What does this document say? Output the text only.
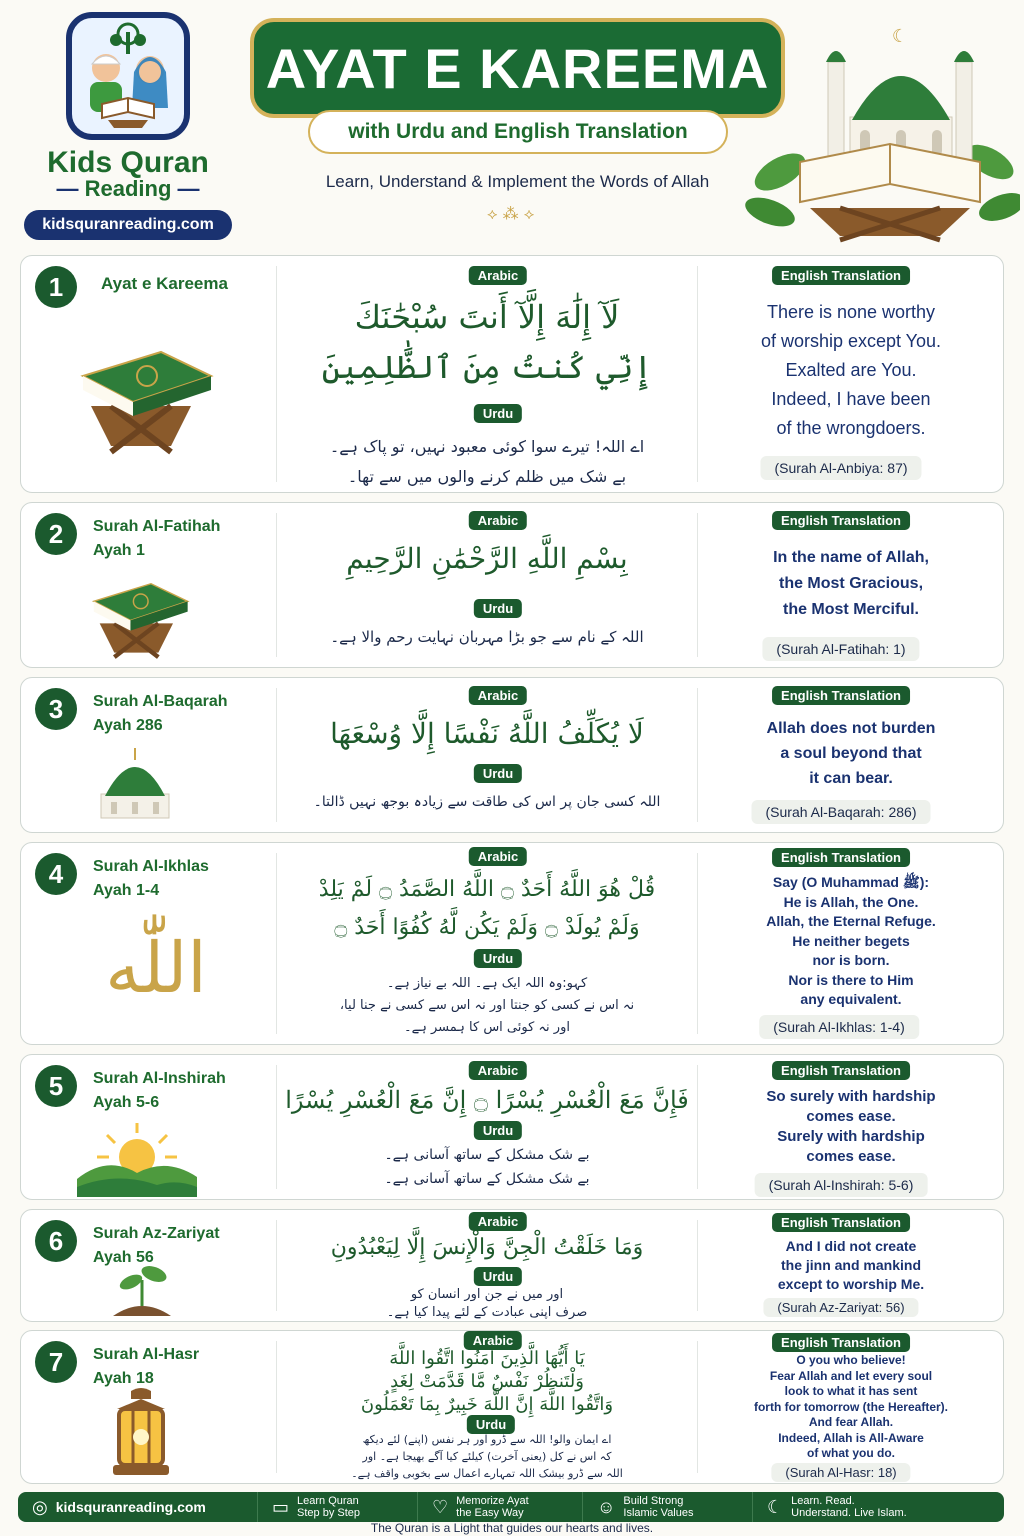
Kids Quran
— Reading —
kidsquranreading.com
AYAT E KAREEMA
with Urdu and English Translation
Learn, Understand & Implement the Words of Allah
⟡ ⁂ ⟡
☾
1	Ayat e Kareema	Arabic
لَآ إِلَٰهَ إِلَّآ أَنتَ سُبْحَٰنَكَ
إِنِّي كُنتُ مِنَ ٱلظَّٰلِمِينَ
Urdu
اے اللہ! تیرے سوا کوئی معبود نہیں، تو پاک ہے۔
بے شک میں ظلم کرنے والوں میں سے تھا۔
English Translation
There is none worthy
of worship except You.
Exalted are You.
Indeed, I have been
of the wrongdoers.
(Surah Al-Anbiya: 87)
2	Surah Al-Fatihah
Ayah 1
Arabic
بِسْمِ اللَّهِ الرَّحْمَٰنِ الرَّحِيمِ
Urdu
اللہ کے نام سے جو بڑا مہربان نہایت رحم والا ہے۔
English Translation
In the name of Allah,
the Most Gracious,
the Most Merciful.
(Surah Al-Fatihah: 1)
3	Surah Al-Baqarah
Ayah 286
Arabic
لَا يُكَلِّفُ اللَّهُ نَفْسًا إِلَّا وُسْعَهَا
Urdu
اللہ کسی جان پر اس کی طاقت سے زیادہ بوجھ نہیں ڈالتا۔
English Translation
Allah does not burden
a soul beyond that
it can bear.
(Surah Al-Baqarah: 286)
4	Surah Al-Ikhlas
Ayah 1-4
اللّٰه
Arabic
قُلْ هُوَ اللَّهُ أَحَدٌ ۝ اللَّهُ الصَّمَدُ ۝ لَمْ يَلِدْ
وَلَمْ يُولَدْ ۝ وَلَمْ يَكُن لَّهُ كُفُوًا أَحَدٌ ۝
Urdu
کہو:وہ اللہ ایک ہے۔ اللہ بے نیاز ہے۔
نہ اس نے کسی کو جنتا اور نہ اس سے کسی نے جنا لیا،
اور نہ کوئی اس کا ہمسر ہے۔
English Translation
Say (O Muhammad ﷺ):
He is Allah, the One.
Allah, the Eternal Refuge.
He neither begets
nor is born.
Nor is there to Him
any equivalent.
(Surah Al-Ikhlas: 1-4)
5	Surah Al-Inshirah
Ayah 5-6
Arabic
فَإِنَّ مَعَ الْعُسْرِ يُسْرًا ۝ إِنَّ مَعَ الْعُسْرِ يُسْرًا
Urdu
بے شک مشکل کے ساتھ آسانی ہے۔
بے شک مشکل کے ساتھ آسانی ہے۔
English Translation
So surely with hardship
comes ease.
Surely with hardship
comes ease.
(Surah Al-Inshirah: 5-6)
6	Surah Az-Zariyat
Ayah 56
Arabic
وَمَا خَلَقْتُ الْجِنَّ وَالْإِنسَ إِلَّا لِيَعْبُدُونِ
Urdu
اور میں نے جن اور انسان کو
صرف اپنی عبادت کے لئے پیدا کیا ہے۔
English Translation
And I did not create
the jinn and mankind
except to worship Me.
(Surah Az-Zariyat: 56)
7	Surah Al-Hasr
Ayah 18
Arabic
يَا أَيُّهَا الَّذِينَ آمَنُوا اتَّقُوا اللَّهَ
وَلْتَنظُرْ نَفْسٌ مَّا قَدَّمَتْ لِغَدٍ
وَاتَّقُوا اللَّهَ إِنَّ اللَّهَ خَبِيرٌ بِمَا تَعْمَلُونَ
Urdu
اے ایمان والو! اللہ سے ڈرو اور ہر نفس (اپنے) لئے دیکھ
کہ اس نے کل (یعنی آخرت) کیلئے کیا آگے بھیجا ہے۔ اور
اللہ سے ڈرو بیشک اللہ تمہارے اعمال سے بخوبی واقف ہے۔
English Translation
O you who believe!
Fear Allah and let every soul
look to what it has sent
forth for tomorrow (the Hereafter).
And fear Allah.
Indeed, Allah is All-Aware
of what you do.
(Surah Al-Hasr: 18)
◎ kidsquranreading.com	▭ Learn Quran
Step by Step	♡ Memorize Ayat
the Easy Way	☺ Build Strong
Islamic Values	☾ Learn. Read.
Understand. Live Islam.
The Quran is a Light that guides our hearts and lives.
